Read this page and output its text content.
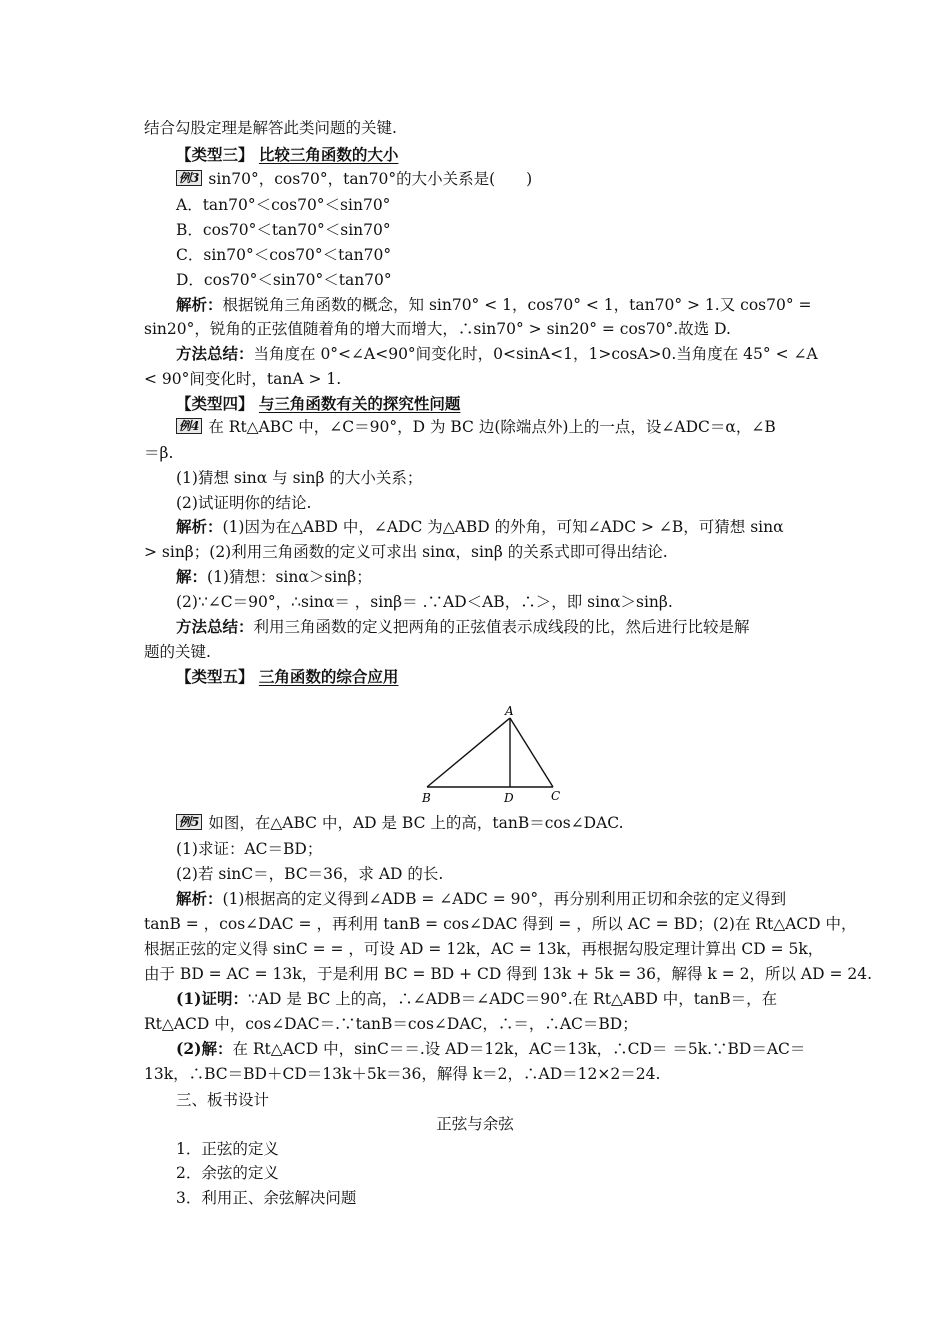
结合勾股定理是解答此类问题的关键.
【类型三】 比较三角函数的大小
例3 sin70°，cos70°，tan70°的大小关系是(　　)
A．tan70°＜cos70°＜sin70°
B．cos70°＜tan70°＜sin70°
C．sin70°＜cos70°＜tan70°
D．cos70°＜sin70°＜tan70°
解析：根据锐角三角函数的概念，知 sin70° < 1，cos70° < 1，tan70° > 1.又 cos70° =
sin20°，锐角的正弦值随着角的增大而增大，∴sin70° > sin20° = cos70°.故选 D.
方法总结：当角度在 0°<∠A<90°间变化时，0<sinA<1，1>cosA>0.当角度在 45° < ∠A
< 90°间变化时，tanA > 1.
【类型四】 与三角函数有关的探究性问题
例4 在 Rt△ABC 中，∠C＝90°，D 为 BC 边(除端点外)上的一点，设∠ADC＝α，∠B
＝β.
(1)猜想 sinα 与 sinβ 的大小关系；
(2)试证明你的结论.
解析：(1)因为在△ABD 中，∠ADC 为△ABD 的外角，可知∠ADC > ∠B，可猜想 sinα
> sinβ；(2)利用三角函数的定义可求出 sinα，sinβ 的关系式即可得出结论.
解：(1)猜想：sinα＞sinβ；
(2)∵∠C＝90°，∴sinα＝ ，sinβ＝ .∵AD＜AB，∴＞，即 sinα＞sinβ.
方法总结：利用三角函数的定义把两角的正弦值表示成线段的比，然后进行比较是解
题的关键.
【类型五】 三角函数的综合应用
A
B	D	C
例5 如图，在△ABC 中，AD 是 BC 上的高，tanB＝cos∠DAC.
(1)求证：AC＝BD；
(2)若 sinC＝，BC＝36，求 AD 的长.
解析：(1)根据高的定义得到∠ADB = ∠ADC = 90°，再分别利用正切和余弦的定义得到
tanB = ，cos∠DAC = ，再利用 tanB = cos∠DAC 得到 = ，所以 AC = BD；(2)在 Rt△ACD 中，
根据正弦的定义得 sinC = = ，可设 AD = 12k，AC = 13k，再根据勾股定理计算出 CD = 5k，
由于 BD = AC = 13k，于是利用 BC = BD + CD 得到 13k + 5k = 36，解得 k = 2，所以 AD = 24.
(1)证明：∵AD 是 BC 上的高，∴∠ADB＝∠ADC＝90°.在 Rt△ABD 中，tanB＝，在
Rt△ACD 中，cos∠DAC＝.∵tanB＝cos∠DAC，∴＝，∴AC＝BD；
(2)解：在 Rt△ACD 中，sinC＝＝.设 AD＝12k，AC＝13k，∴CD＝ ＝5k.∵BD＝AC＝
13k，∴BC＝BD＋CD＝13k＋5k＝36，解得 k＝2，∴AD＝12×2＝24.
三、板书设计
正弦与余弦
1．正弦的定义
2．余弦的定义
3．利用正、余弦解决问题
